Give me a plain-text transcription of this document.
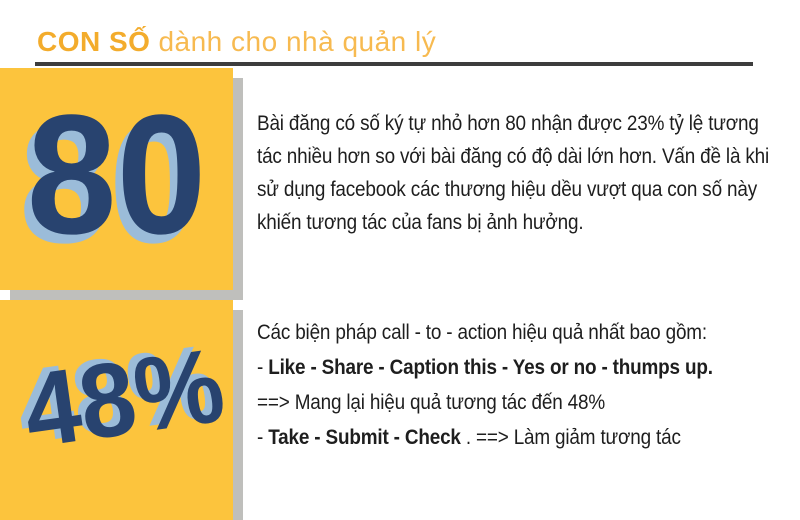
CON SỐ dành cho nhà quản lý
80 Bài đăng có số ký tự nhỏ hơn 80 nhận được 23% tỷ lệ tương
tác nhiều hơn so với bài đăng có độ dài lớn hơn. Vấn đề là khi
sử dụng facebook các thương hiệu dều vượt qua con số này
khiến tương tác của fans bị ảnh hưởng.
48% Các biện pháp call - to - action hiệu quả nhất bao gồm:
- Like - Share - Caption this - Yes or no - thumps up.
==> Mang lại hiệu quả tương tác đến 48%
- Take - Submit - Check . ==> Làm giảm tương tác
